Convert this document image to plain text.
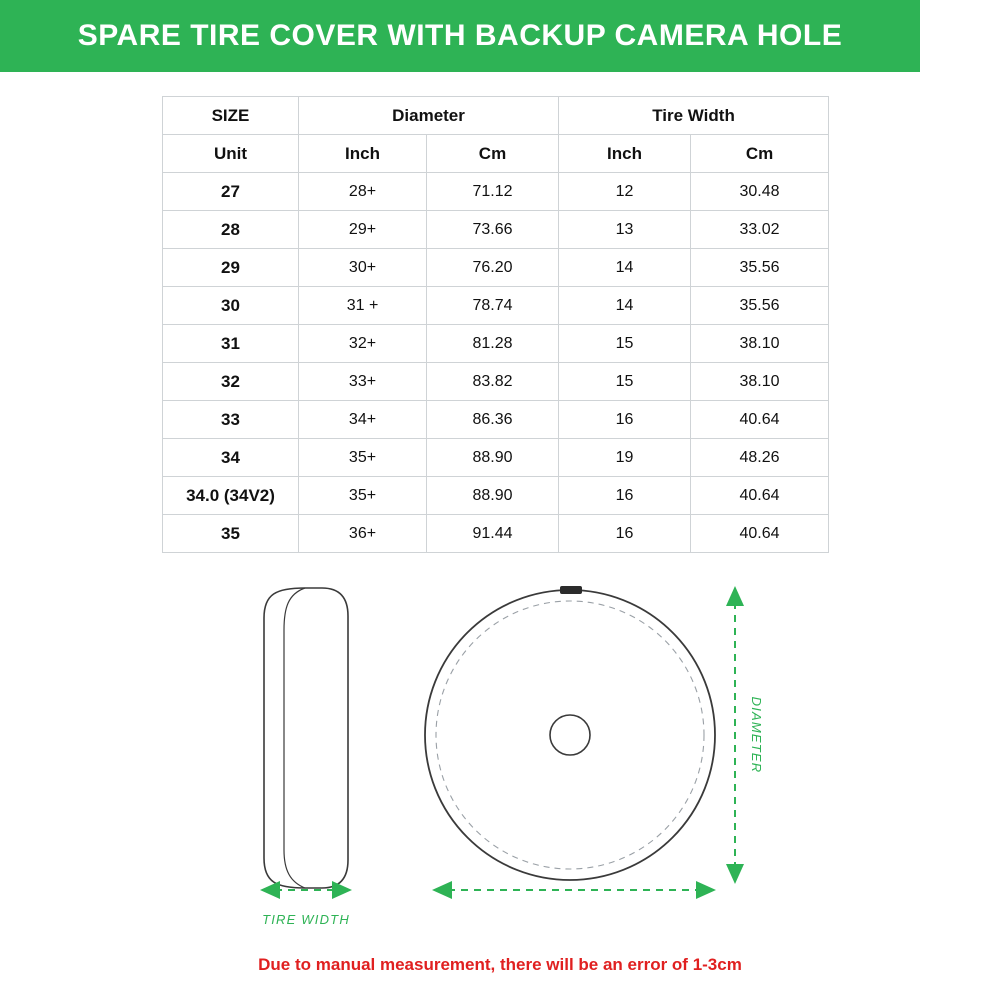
SPARE TIRE COVER WITH BACKUP CAMERA HOLE
SIZE	Diameter		Tire Width	
Unit	Inch	Cm	Inch	Cm
27	28+	71.12	12	30.48
28	29+	73.66	13	33.02
29	30+	76.20	14	35.56
30	31 +	78.74	14	35.56
31	32+	81.28	15	38.10
32	33+	83.82	15	38.10
33	34+	86.36	16	40.64
34	35+	88.90	19	48.26
34.0 (34V2)	35+	88.90	16	40.64
35	36+	91.44	16	40.64
DIAMETER
TIRE WIDTH
Due to manual measurement, there will be an error of 1-3cm
